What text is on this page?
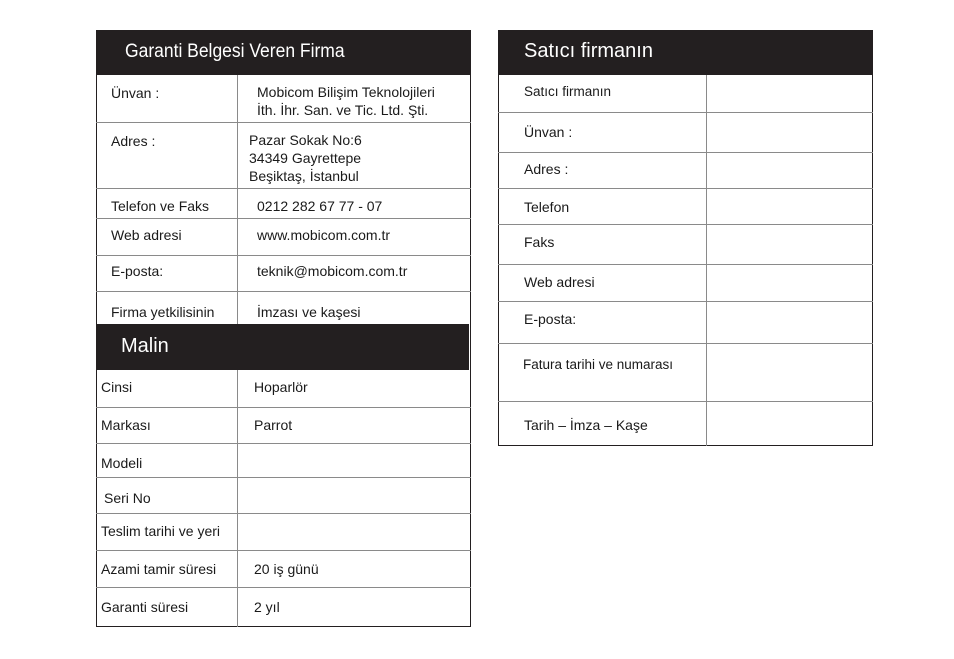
Garanti Belgesi Veren Firma
Ünvan :	Mobicom Bilişim Teknolojileri
İth. İhr. San. ve Tic. Ltd. Şti.
Adres :	Pazar Sokak No:6
34349 Gayrettepe
Beşiktaş, İstanbul
Telefon ve Faks	0212 282 67 77 - 07
Web adresi	www.mobicom.com.tr
E-posta:	teknik@mobicom.com.tr
Firma yetkilisinin	İmzası ve kaşesi
Malin
Cinsi	Hoparlör
Markası	Parrot
Modeli
Seri No
Teslim tarihi ve yeri
Azami tamir süresi	20 iş günü
Garanti süresi	2 yıl
Satıcı firmanın
Satıcı firmanın
Ünvan :
Adres :
Telefon
Faks
Web adresi
E-posta:
Fatura tarihi ve numarası
Tarih – İmza – Kaşe
